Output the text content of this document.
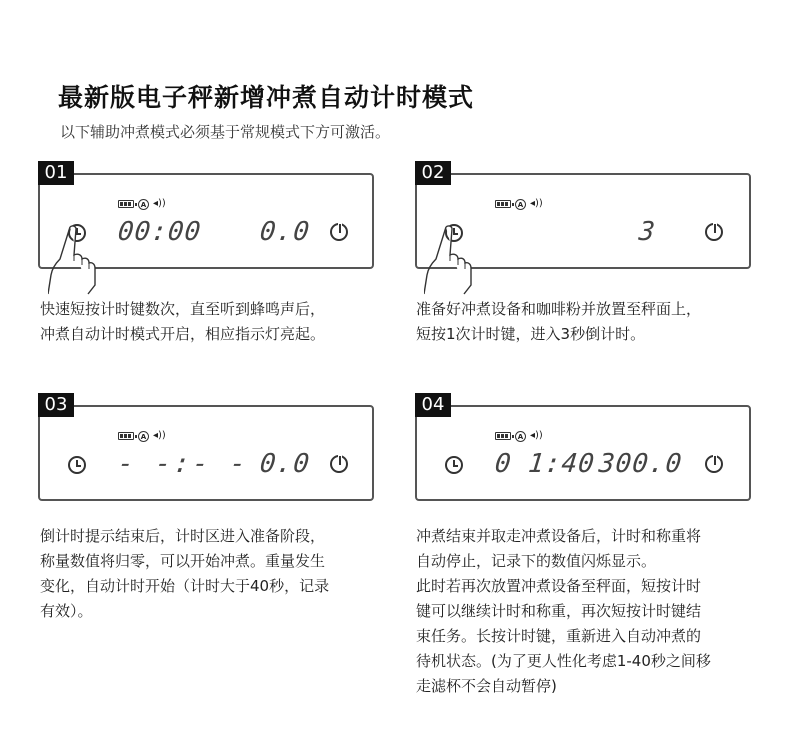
最新版电子秤新增冲煮自动计时模式
以下辅助冲煮模式必须基于常规模式下方可激活。
01
A ◂))
00:00 0.0
快速短按计时键数次，直至听到蜂鸣声后，
冲煮自动计时模式开启，相应指示灯亮起。
02
A ◂))
3
准备好冲煮设备和咖啡粉并放置至秤面上，
短按1次计时键，进入3秒倒计时。
03
A ◂))
- -:- - 0.0
倒计时提示结束后，计时区进入准备阶段，
称量数值将归零，可以开始冲煮。重量发生
变化，自动计时开始（计时大于40秒，记录
有效）。
04
A ◂))
0 1:40 300.0
冲煮结束并取走冲煮设备后，计时和称重将
自动停止，记录下的数值闪烁显示。
此时若再次放置冲煮设备至秤面，短按计时
键可以继续计时和称重，再次短按计时键结
束任务。长按计时键，重新进入自动冲煮的
待机状态。(为了更人性化考虑1-40秒之间移
走滤杯不会自动暂停)
